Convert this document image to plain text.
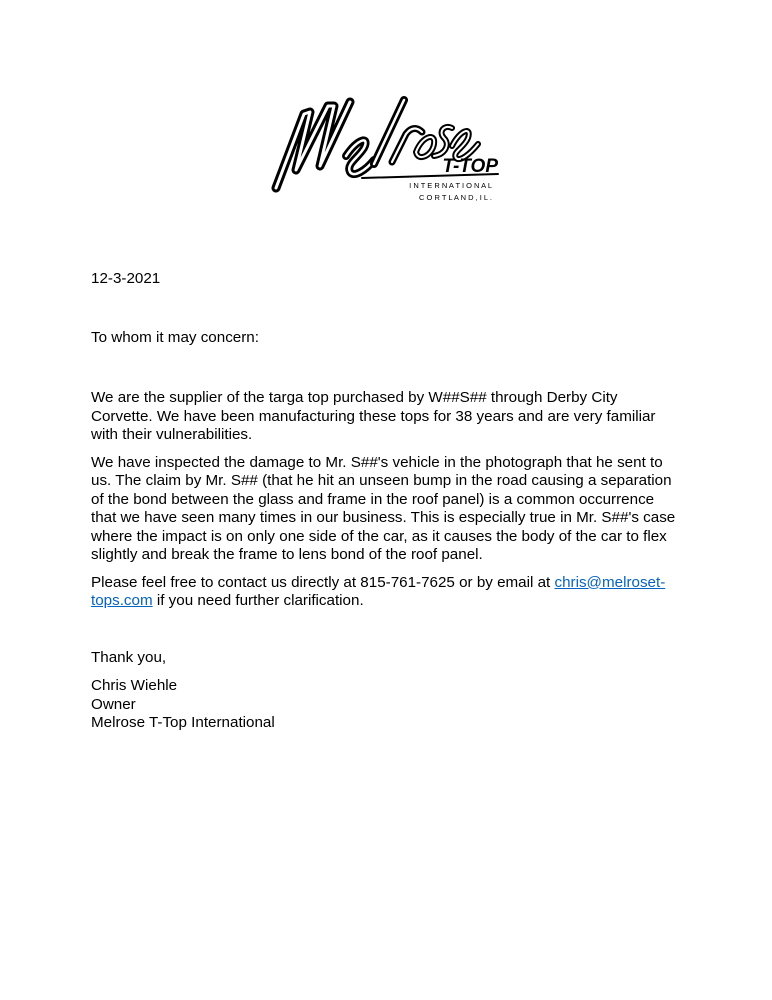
T-TOP
I N T E R N A T I O N A L
C O R T L A N D , I L .

12-3-2021

To whom it may concern:

We are the supplier of the targa top purchased by W##S## through Derby City
Corvette. We have been manufacturing these tops for 38 years and are very familiar
with their vulnerabilities.

We have inspected the damage to Mr. S##'s vehicle in the photograph that he sent to
us. The claim by Mr. S## (that he hit an unseen bump in the road causing a separation
of the bond between the glass and frame in the roof panel) is a common occurrence
that we have seen many times in our business. This is especially true in Mr. S##'s case
where the impact is on only one side of the car, as it causes the body of the car to flex
slightly and break the frame to lens bond of the roof panel.

Please feel free to contact us directly at 815-761-7625 or by email at chris@melroset-
tops.com if you need further clarification.

Thank you,

Chris Wiehle
Owner
Melrose T-Top International
